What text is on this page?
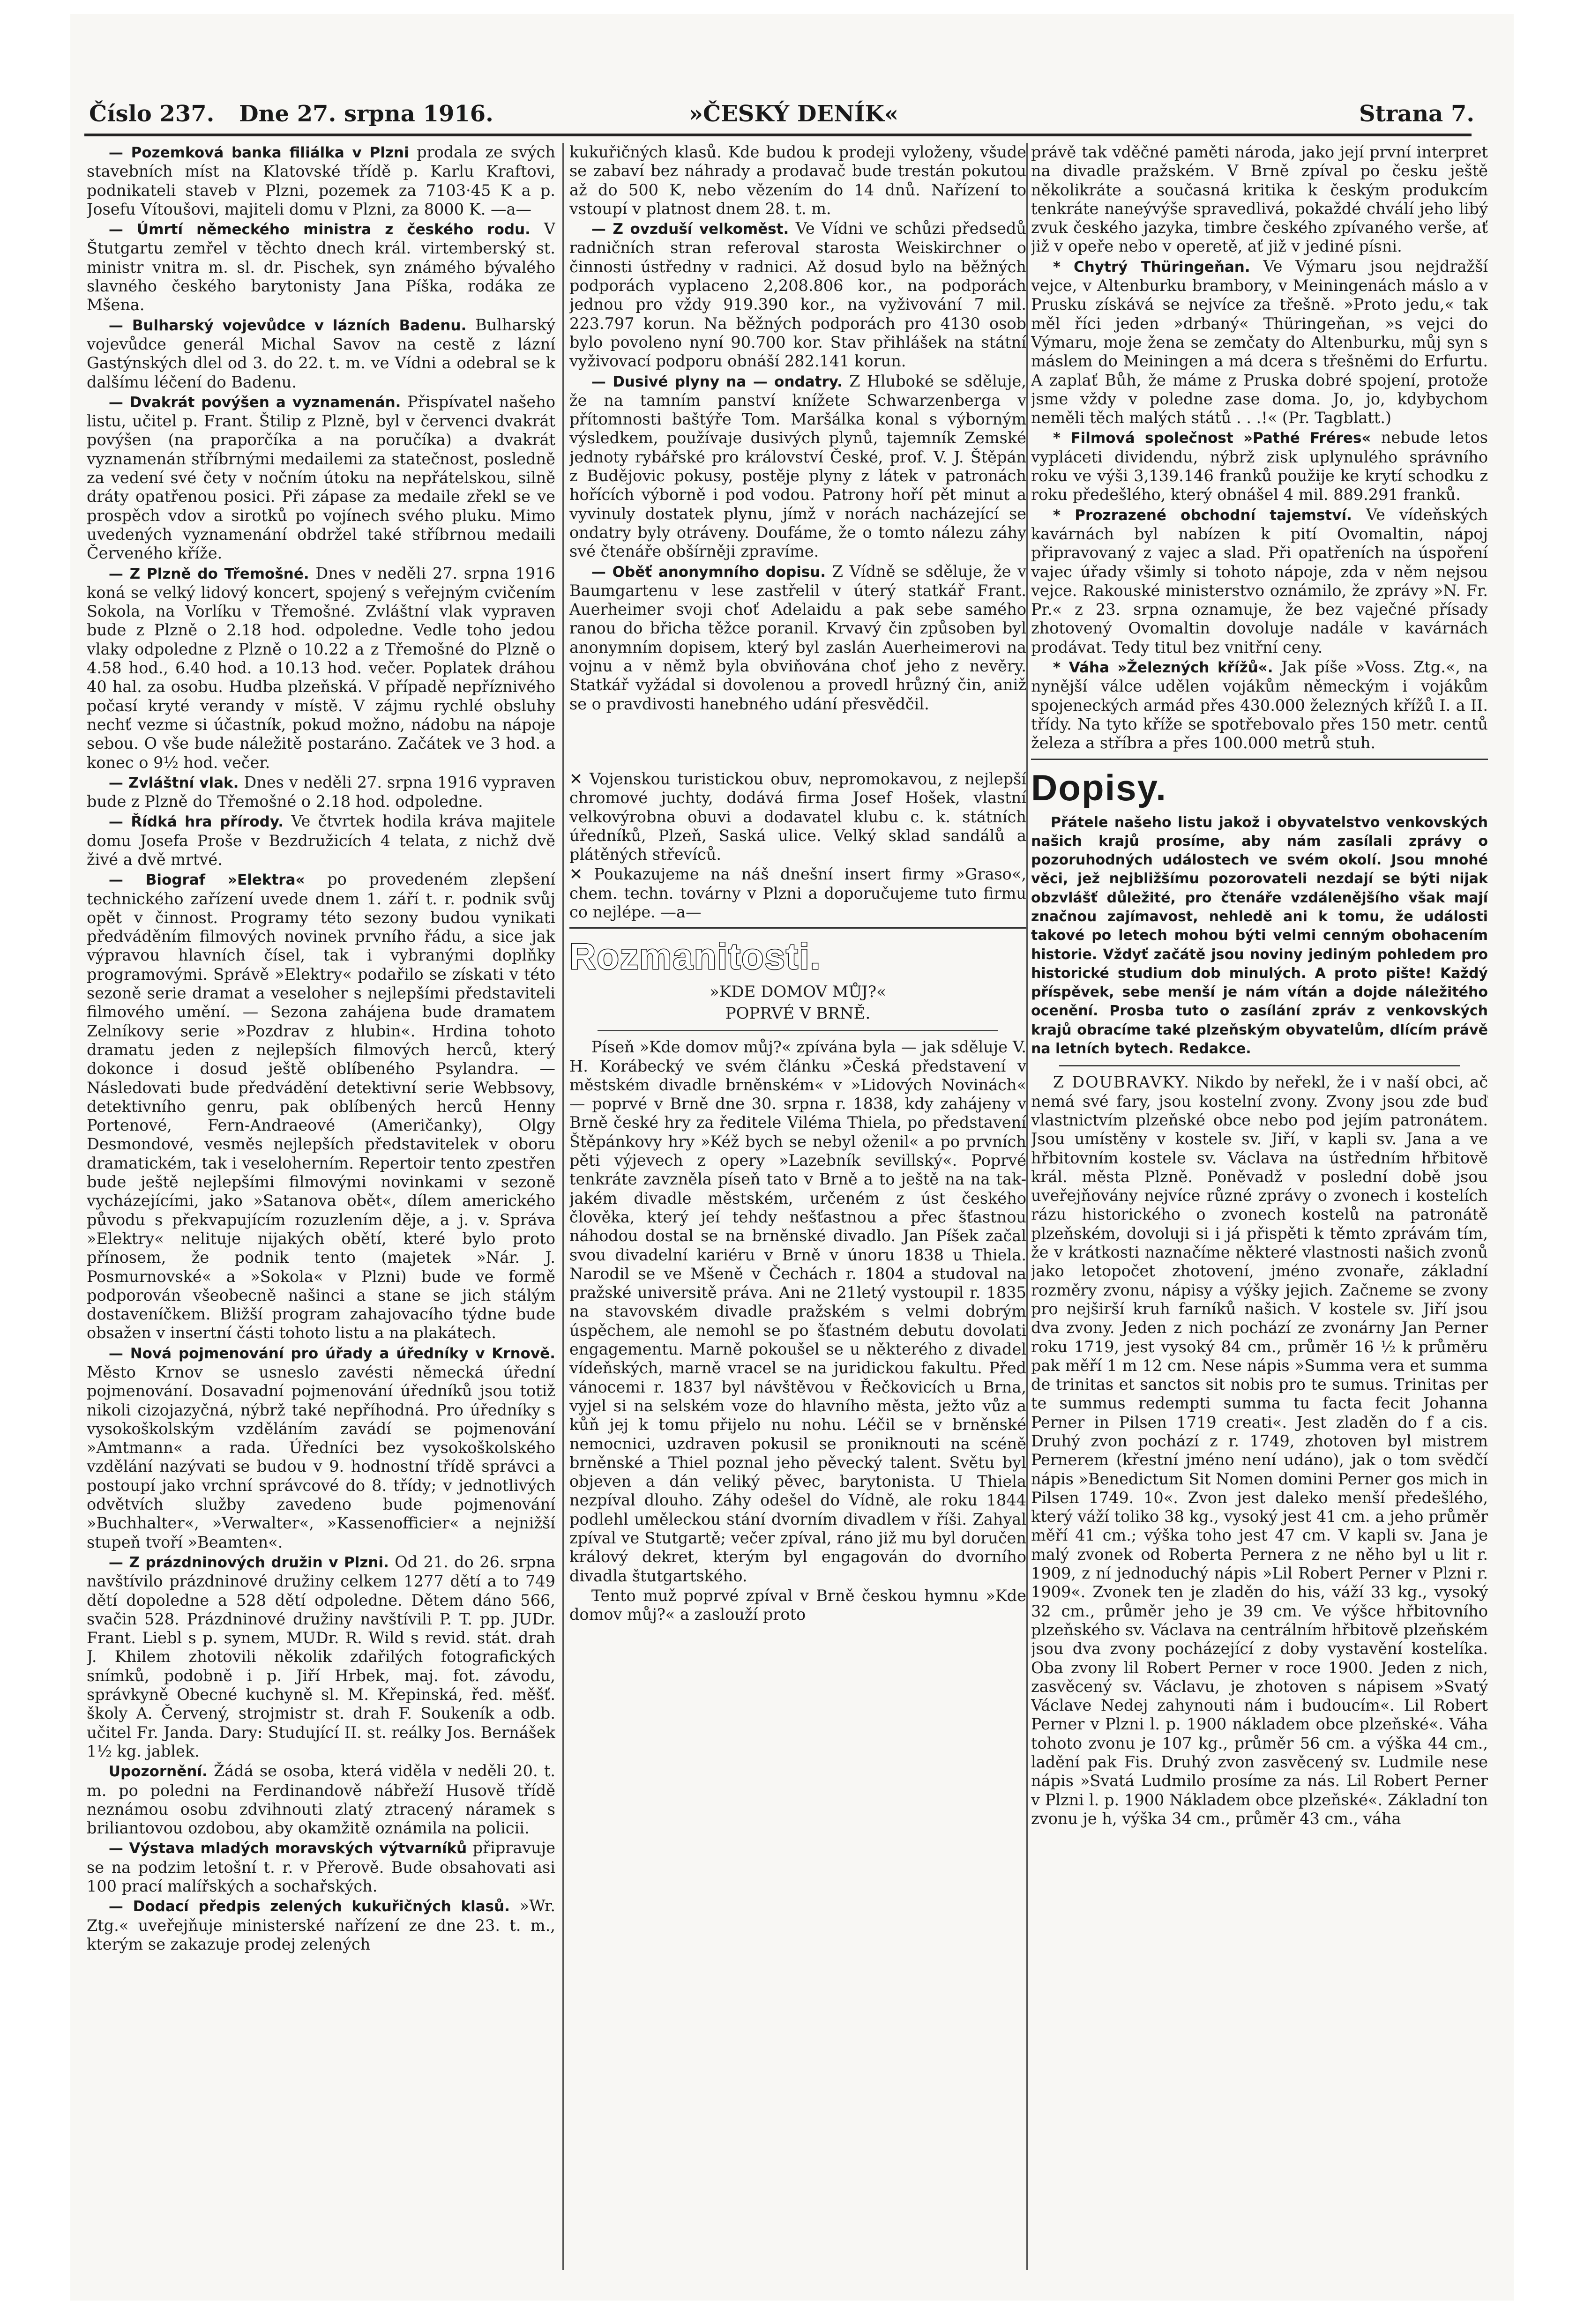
Číslo 237. Dne 27. srpna 1916.	»ČESKÝ DENÍK«	Strana 7.

— Pozemková banka filiálka v Plzni prodala ze svých stavebních míst na Klatovské třídě p. Karlu Kraftovi, podnikateli staveb v Plzni, pozemek za 7103·45 K a p. Josefu Vítoušovi, majiteli domu v Plzni, za 8000 K. —a—

— Úmrtí německého ministra z českého rodu. V Štutgartu zemřel v těchto dnech král. virtemberský st. ministr vnitra m. sl. dr. Pischek, syn známého bývalého slavného českého barytonisty Jana Píška, rodáka ze Mšena.

— Bulharský vojevůdce v lázních Badenu. Bulharský vojevůdce generál Michal Savov na cestě z lázní Gastýnských dlel od 3. do 22. t. m. ve Vídni a odebral se k dalšímu léčení do Badenu.

— Dvakrát povýšen a vyznamenán. Přispívatel našeho listu, učitel p. Frant. Štilip z Plzně, byl v červenci dvakrát povýšen (na praporčíka a na poručíka) a dvakrát vyznamenán stříbrnými medailemi za statečnost, posledně za vedení své čety v nočním útoku na nepřátelskou, silně dráty opatřenou posici. Při zápase za medaile zřekl se ve prospěch vdov a sirotků po vojínech svého pluku. Mimo uvedených vyznamenání obdržel také stříbrnou medaili Červeného kříže.

— Z Plzně do Třemošné. Dnes v neděli 27. srpna 1916 koná se velký lidový koncert, spojený s veřejným cvičením Sokola, na Vorlíku v Třemošné. Zvláštní vlak vypraven bude z Plzně o 2.18 hod. odpoledne. Vedle toho jedou vlaky odpoledne z Plzně o 10.22 a z Třemošné do Plzně o 4.58 hod., 6.40 hod. a 10.13 hod. večer. Poplatek dráhou 40 hal. za osobu. Hudba plzeňská. V případě nepříznivého počasí kryté verandy v místě. V zájmu rychlé obsluhy nechť vezme si účastník, pokud možno, nádobu na nápoje sebou. O vše bude náležitě postaráno. Začátek ve 3 hod. a konec o 9½ hod. večer.

— Zvláštní vlak. Dnes v neděli 27. srpna 1916 vypraven bude z Plzně do Třemošné o 2.18 hod. odpoledne.

— Řídká hra přírody. Ve čtvrtek hodila kráva majitele domu Josefa Proše v Bezdružicích 4 telata, z nichž dvě živé a dvě mrtvé.

— Biograf »Elektra« po provedeném zlepšení technického zařízení uvede dnem 1. září t. r. podnik svůj opět v činnost. Programy této sezony budou vynikati předváděním filmových novinek prvního řádu, a sice jak výpravou hlavních čísel, tak i vybranými doplňky programovými. Správě »Elektry« podařilo se získati v této sezoně serie dramat a veseloher s nejlepšími představiteli filmového umění. — Sezona zahájena bude dramatem Zelníkovy serie »Pozdrav z hlubin«. Hrdina tohoto dramatu jeden z nejlepších filmových herců, který dokonce i dosud ještě oblíbeného Psylandra. — Následovati bude předvádění detektivní serie Webbsovy, detektivního genru, pak oblíbených herců Henny Portenové, Fern-Andraeové (Američanky), Olgy Desmondové, vesměs nejlepších představitelek v oboru dramatickém, tak i veseloherním. Repertoir tento zpestřen bude ještě nejlepšími filmovými novinkami v sezoně vycházejícími, jako »Satanova obět«, dílem amerického původu s překvapujícím rozuzlením děje, a j. v. Správa »Elektry« nelituje nijakých obětí, které bylo proto přínosem, že podnik tento (majetek »Nár. J. Posmurnovské« a »Sokola« v Plzni) bude ve formě podporován všeobecně našinci a stane se jich stálým dostaveníčkem. Bližší program zahajovacího týdne bude obsažen v insertní části tohoto listu a na plakátech.

— Nová pojmenování pro úřady a úředníky v Krnově. Město Krnov se usneslo zavésti německá úřední pojmenování. Dosavadní pojmenování úředníků jsou totiž nikoli cizojazyčná, nýbrž také nepříhodná. Pro úředníky s vysokoškolským vzděláním zavádí se pojmenování »Amtmann« a rada. Úředníci bez vysokoškolského vzdělání nazývati se budou v 9. hodnostní třídě správci a postoupí jako vrchní správcové do 8. třídy; v jednotlivých odvětvích služby zavedeno bude pojmenování »Buchhalter«, »Verwalter«, »Kassenofficier« a nejnižší stupeň tvoří »Beamten«.

— Z prázdninových družin v Plzni. Od 21. do 26. srpna navštívilo prázdninové družiny celkem 1277 dětí a to 749 dětí dopoledne a 528 dětí odpoledne. Dětem dáno 566, svačin 528. Prázdninové družiny navštívili P. T. pp. JUDr. Frant. Liebl s p. synem, MUDr. R. Wild s revid. stát. drah J. Khilem zhotovili několik zdařilých fotografických snímků, podobně i p. Jiří Hrbek, maj. fot. závodu, správkyně Obecné kuchyně sl. M. Křepinská, řed. měšť. školy A. Červený, strojmistr st. drah F. Soukeník a odb. učitel Fr. Janda. Dary: Studující II. st. reálky Jos. Bernášek 1½ kg. jablek.

Upozornění. Žádá se osoba, která viděla v neděli 20. t. m. po poledni na Ferdinandově nábřeží Husově třídě neznámou osobu zdvihnouti zlatý ztracený náramek s briliantovou ozdobou, aby okamžitě oznámila na policii.

— Výstava mladých moravských výtvarníků připravuje se na podzim letošní t. r. v Přerově. Bude obsahovati asi 100 prací malířských a sochařských.

— Dodací předpis zelených kukuřičných klasů. »Wr. Ztg.« uveřejňuje ministerské nařízení ze dne 23. t. m., kterým se zakazuje prodej zelených

kukuřičných klasů. Kde budou k prodeji vyloženy, všude se zabaví bez náhrady a prodavač bude trestán pokutou až do 500 K, nebo vězením do 14 dnů. Nařízení to vstoupí v platnost dnem 28. t. m.

— Z ovzduší velkoměst. Ve Vídni ve schůzi předsedů radničních stran referoval starosta Weiskirchner o činnosti ústředny v radnici. Až dosud bylo na běžných podporách vyplaceno 2,208.806 kor., na podporách jednou pro vždy 919.390 kor., na vyživování 7 mil. 223.797 korun. Na běžných podporách pro 4130 osob bylo povoleno nyní 90.700 kor. Stav přihlášek na státní vyživovací podporu obnáší 282.141 korun.

— Dusivé plyny na — ondatry. Z Hluboké se sděluje, že na tamním panství knížete Schwarzenberga v přítomnosti baštýře Tom. Maršálka konal s výborným výsledkem, používaje dusivých plynů, tajemník Zemské jednoty rybářské pro království České, prof. V. J. Štěpán z Budějovic pokusy, postěje plyny z látek v patronách hořících výborně i pod vodou. Patrony hoří pět minut a vyvinuly dostatek plynu, jímž v norách nacházející se ondatry byly otráveny. Doufáme, že o tomto nálezu záhy své čtenáře obšírněji zpravíme.

— Oběť anonymního dopisu. Z Vídně se sděluje, že v Baumgartenu v lese zastřelil v úterý statkář Frant. Auerheimer svoji choť Adelaidu a pak sebe samého ranou do břicha těžce poranil. Krvavý čin způsoben byl anonymním dopisem, který byl zaslán Auerheimerovi na vojnu a v němž byla obviňována choť jeho z nevěry. Statkář vyžádal si dovolenou a provedl hrůzný čin, aniž se o pravdivosti hanebného udání přesvědčil.

✕ Vojenskou turistickou obuv, nepromokavou, z nejlepší chromové juchty, dodává firma Josef Hošek, vlastní velkovýrobna obuvi a dodavatel klubu c. k. státních úředníků, Plzeň, Saská ulice. Velký sklad sandálů a plátěných střevíců.

✕ Poukazujeme na náš dnešní insert firmy »Graso«, chem. techn. továrny v Plzni a doporučujeme tuto firmu co nejlépe. —a—

Rozmanitosti.
»KDE DOMOV MŮJ?«
POPRVÉ V BRNĚ.

Píseň »Kde domov můj?« zpívána byla — jak sděluje V. H. Korábecký ve svém článku »Česká představení v městském divadle brněnském« v »Lidových Novinách« — poprvé v Brně dne 30. srpna r. 1838, kdy zahájeny v Brně české hry za ředitele Viléma Thiela, po představení Štěpánkovy hry »Kéž bych se nebyl oženil« a po prvních pěti výjevech z opery »Lazebník sevillský«. Poprvé tenkráte zavzněla píseň tato v Brně a to ještě na na tak-jakém divadle městském, určeném z úst českého člověka, který jeí tehdy nešťastnou a přec šťastnou náhodou dostal se na brněnské divadlo. Jan Píšek začal svou divadelní kariéru v Brně v únoru 1838 u Thiela. Narodil se ve Mšeně v Čechách r. 1804 a studoval na pražské universitě práva. Ani ne 21letý vystoupil r. 1835 na stavovském divadle pražském s velmi dobrým úspěchem, ale nemohl se po šťastném debutu dovolati engagementu. Marně pokoušel se u některého z divadel vídeňských, marně vracel se na juridickou fakultu. Před vánocemi r. 1837 byl návštěvou v Řečkovicích u Brna, vyjel si na selském voze do hlavního města, ježto vůz a kůň jej k tomu přijelo nu nohu. Léčil se v brněnské nemocnici, uzdraven pokusil se proniknouti na scéně brněnské a Thiel poznal jeho pěvecký talent. Světu byl objeven a dán veliký pěvec, barytonista. U Thiela nezpíval dlouho. Záhy odešel do Vídně, ale roku 1844 podlehl uměleckou stání dvorním divadlem v říši. Zahyal zpíval ve Stutgartě; večer zpíval, ráno již mu byl doručen králový dekret, kterým byl engagován do dvorního divadla štutgartského.

Tento muž poprvé zpíval v Brně českou hymnu »Kde domov můj?« a zaslouží proto

právě tak vděčné paměti národa, jako její první interpret na divadle pražském. V Brně zpíval po česku ještě několikráte a současná kritika k českým produkcím tenkráte naneývýše spravedlivá, pokaždé chválí jeho libý zvuk českého jazyka, timbre českého zpívaného verše, ať již v opeře nebo v operetě, ať již v jediné písni.

* Chytrý Thüringeňan. Ve Výmaru jsou nejdražší vejce, v Altenburku brambory, v Meiningenách máslo a v Prusku získává se nejvíce za třešně. »Proto jedu,« tak měl říci jeden »drbaný« Thüringeňan, »s vejci do Výmaru, moje žena se zemčaty do Altenburku, můj syn s máslem do Meiningen a má dcera s třešněmi do Erfurtu. A zaplať Bůh, že máme z Pruska dobré spojení, protože jsme vždy v poledne zase doma. Jo, jo, kdybychom neměli těch malých států . . .!« (Pr. Tagblatt.)

* Filmová společnost »Pathé Fréres« nebude letos vypláceti dividendu, nýbrž zisk uplynulého správního roku ve výši 3,139.146 franků použije ke krytí schodku z roku předešlého, který obnášel 4 mil. 889.291 franků.

* Prozrazené obchodní tajemství. Ve vídeňských kavárnách byl nabízen k pití Ovomaltin, nápoj připravovaný z vajec a slad. Při opatřeních na úspoření vajec úřady všimly si tohoto nápoje, zda v něm nejsou vejce. Rakouské ministerstvo oznámilo, že zprávy »N. Fr. Pr.« z 23. srpna oznamuje, že bez vaječné přísady zhotovený Ovomaltin dovoluje nadále v kavárnách prodávat. Tedy titul bez vnitřní ceny.

* Váha »Železných křížů«. Jak píše »Voss. Ztg.«, na nynější válce udělen vojákům německým i vojákům spojeneckých armád přes 430.000 železných křížů I. a II. třídy. Na tyto kříže se spotřebovalo přes 150 metr. centů železa a stříbra a přes 100.000 metrů stuh.

Dopisy.

Přátele našeho listu jakož i obyvatelstvo venkovských našich krajů prosíme, aby nám zasílali zprávy o pozoruhodných událostech ve svém okolí. Jsou mnohé věci, jež nejbližšímu pozorovateli nezdají se býti nijak obzvlášť důležité, pro čtenáře vzdálenějšího však mají značnou zajímavost, nehledě ani k tomu, že události takové po letech mohou býti velmi cenným obohacením historie. Vždyť začátě jsou noviny jediným pohledem pro historické studium dob minulých. A proto pište! Každý příspěvek, sebe menší je nám vítán a dojde náležitého ocenění. Prosba tuto o zasílání zpráv z venkovských krajů obracíme také plzeňským obyvatelům, dlícím právě na letních bytech. Redakce.

Z DOUBRAVKY. Nikdo by neřekl, že i v naší obci, ač nemá své fary, jsou kostelní zvony. Zvony jsou zde buď vlastnictvím plzeňské obce nebo pod jejím patronátem. Jsou umístěny v kostele sv. Jiří, v kapli sv. Jana a ve hřbitovním kostele sv. Václava na ústředním hřbitově král. města Plzně. Poněvadž v poslední době jsou uveřejňovány nejvíce různé zprávy o zvonech i kostelích rázu historického o zvonech kostelů na patronátě plzeňském, dovoluji si i já přispěti k těmto zprávám tím, že v krátkosti naznačíme některé vlastnosti našich zvonů jako letopočet zhotovení, jméno zvonaře, základní rozměry zvonu, nápisy a výšky jejich. Začneme se zvony pro nejširší kruh farníků našich. V kostele sv. Jiří jsou dva zvony. Jeden z nich pochází ze zvonárny Jan Perner roku 1719, jest vysoký 84 cm., průměr 16 ½ k průměru pak měří 1 m 12 cm. Nese nápis »Summa vera et summa de trinitas et sanctos sit nobis pro te sumus. Trinitas per te summus redempti summa tu facta fecit Johanna Perner in Pilsen 1719 creati«. Jest zladěn do f a cis. Druhý zvon pochází z r. 1749, zhotoven byl mistrem Pernerem (křestní jméno není udáno), jak o tom svědčí nápis »Benedictum Sit Nomen domini Perner gos mich in Pilsen 1749. 10«. Zvon jest daleko menší předešlého, který váží toliko 38 kg., vysoký jest 41 cm. a jeho průměr měří 41 cm.; výška toho jest 47 cm. V kapli sv. Jana je malý zvonek od Roberta Pernera z ne něho byl u lit r. 1909, z ní jednoduchý nápis »Lil Robert Perner v Plzni r. 1909«. Zvonek ten je zladěn do his, váží 33 kg., vysoký 32 cm., průměr jeho je 39 cm. Ve výšce hřbitovního plzeňského sv. Václava na centrálním hřbitově plzeňském jsou dva zvony pocházející z doby vystavění kostelíka. Oba zvony lil Robert Perner v roce 1900. Jeden z nich, zasvěcený sv. Václavu, je zhotoven s nápisem »Svatý Václave Nedej zahynouti nám i budoucím«. Lil Robert Perner v Plzni l. p. 1900 nákladem obce plzeňské«. Váha tohoto zvonu je 107 kg., průměr 56 cm. a výška 44 cm., ladění pak Fis. Druhý zvon zasvěcený sv. Ludmile nese nápis »Svatá Ludmilo prosíme za nás. Lil Robert Perner v Plzni l. p. 1900 Nákladem obce plzeňské«. Základní ton zvonu je h, výška 34 cm., průměr 43 cm., váha
